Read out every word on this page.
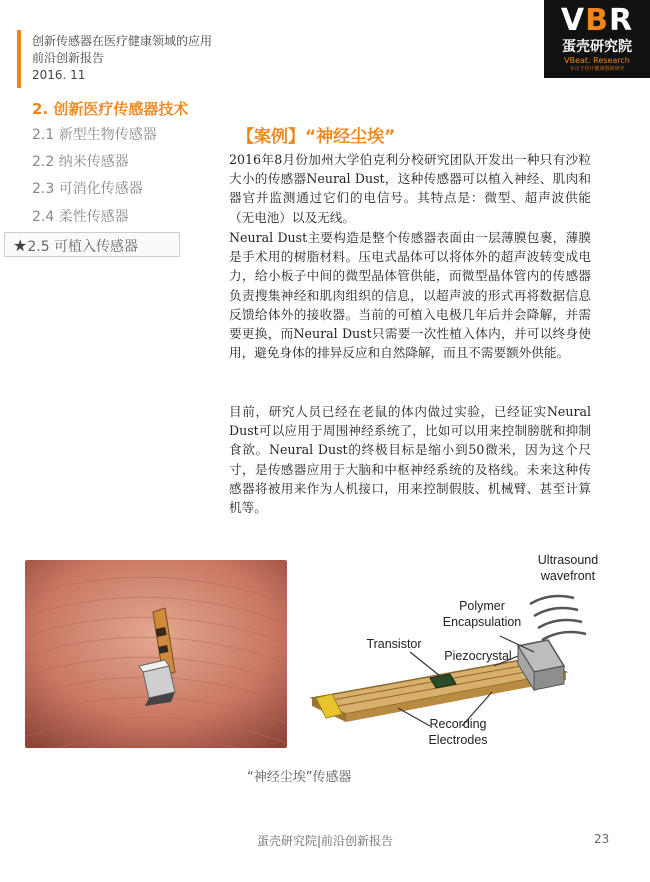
创新传感器在医疗健康领域的应用
前沿创新报告
2016. 11
VBR
蛋壳研究院
VBeat. Research
专注于医疗健康创新研究
2. 创新医疗传感器技术
2.1 新型生物传感器
2.2 纳米传感器
2.3 可消化传感器
2.4 柔性传感器
★2.5 可植入传感器
【案例】“神经尘埃”
2016年8月份加州大学伯克利分校研究团队开发出一种只有沙粒大小的传感器Neural Dust，这种传感器可以植入神经、肌肉和器官并监测通过它们的电信号。其特点是：微型、超声波供能（无电池）以及无线。
Neural Dust主要构造是整个传感器表面由一层薄膜包裹，薄膜是手术用的树脂材料。压电式晶体可以将体外的超声波转变成电力，给小板子中间的微型晶体管供能，而微型晶体管内的传感器负责搜集神经和肌肉组织的信息，以超声波的形式再将数据信息反馈给体外的接收器。当前的可植入电极几年后并会降解，并需要更换，而Neural Dust只需要一次性植入体内，并可以终身使用，避免身体的排异反应和自然降解，而且不需要额外供能。
目前，研究人员已经在老鼠的体内做过实验，已经证实Neural Dust可以应用于周围神经系统了，比如可以用来控制膀胱和抑制食欲。Neural Dust的终极目标是缩小到50微米，因为这个尺寸，是传感器应用于大脑和中枢神经系统的及格线。未来这种传感器将被用来作为人机接口，用来控制假肢、机械臂、甚至计算机等。
Ultrasound
wavefront
Polymer
Encapsulation
Transistor
Piezocrystal
Recording
Electrodes
“神经尘埃”传感器
蛋壳研究院|前沿创新报告	23
